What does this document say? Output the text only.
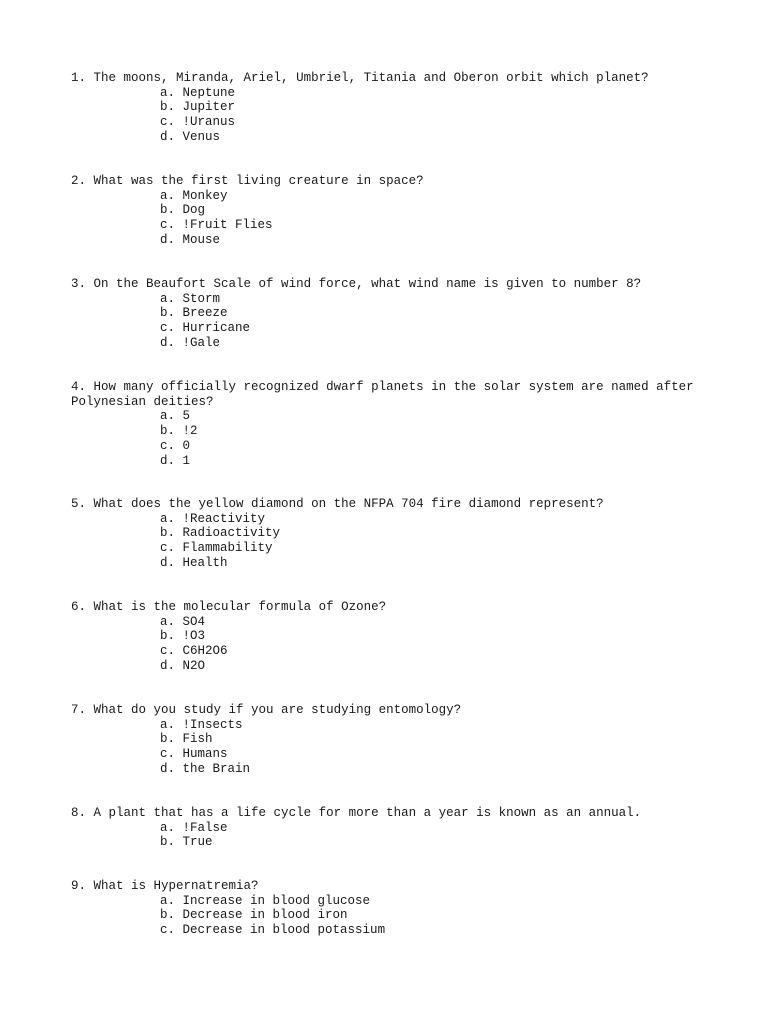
1. The moons, Miranda, Ariel, Umbriel, Titania and Oberon orbit which planet?

a. Neptune
b. Jupiter
c. !Uranus
d. Venus

2. What was the first living creature in space?

a. Monkey
b. Dog
c. !Fruit Flies
d. Mouse

3. On the Beaufort Scale of wind force, what wind name is given to number 8?

a. Storm
b. Breeze
c. Hurricane
d. !Gale

4. How many officially recognized dwarf planets in the solar system are named after Polynesian deities?

a. 5
b. !2
c. 0
d. 1

5. What does the yellow diamond on the NFPA 704 fire diamond represent?

a. !Reactivity
b. Radioactivity
c. Flammability
d. Health

6. What is the molecular formula of Ozone?

a. SO4
b. !O3
c. C6H2O6
d. N2O

7. What do you study if you are studying entomology?

a. !Insects
b. Fish
c. Humans
d. the Brain

8. A plant that has a life cycle for more than a year is known as an annual.

a. !False
b. True

9. What is Hypernatremia?

a. Increase in blood glucose
b. Decrease in blood iron
c. Decrease in blood potassium
